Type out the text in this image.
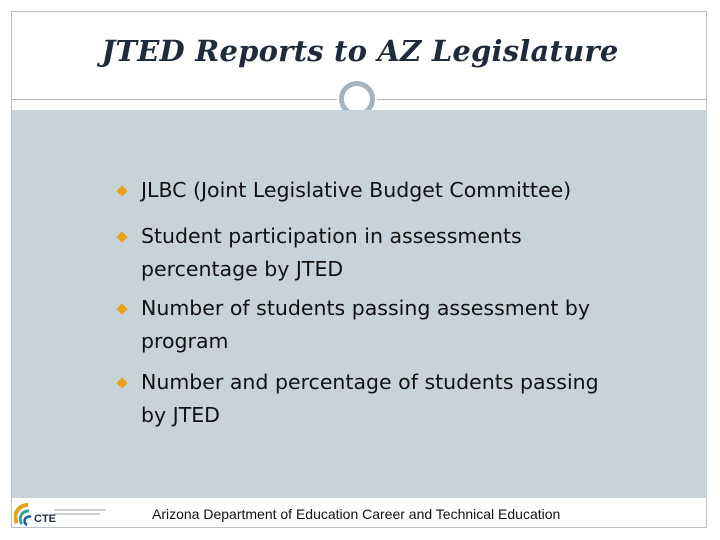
JTED Reports to AZ Legislature
JLBC (Joint Legislative Budget Committee)
Student participation in assessments
percentage by JTED
Number of students passing assessment by
program
Number and percentage of students passing
by JTED
CTE	Arizona Department of Education Career and Technical Education
